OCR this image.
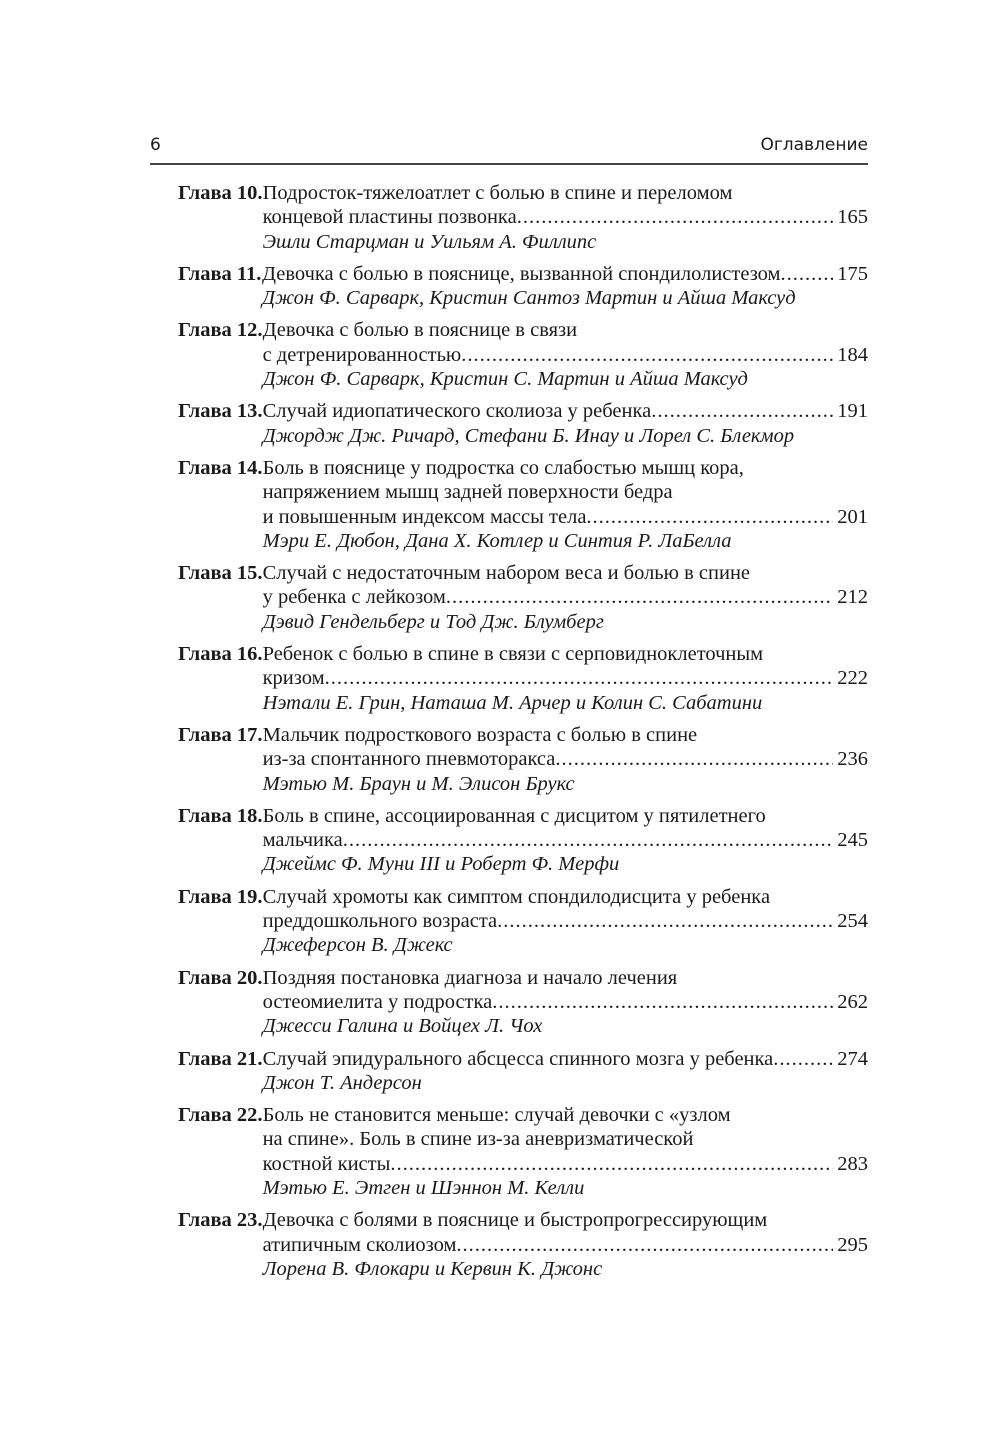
6	Оглавление
Глава 10. Подросток-тяжелоатлет с болью в спине и переломом
концевой пластины позвонка .....	165
Эшли Старцман и Уильям А. Филлипс
Глава 11. Девочка с болью в пояснице, вызванной спондилолистезом .....	175
Джон Ф. Сарварк, Кристин Сантоз Мартин и Айша Максуд
Глава 12. Девочка с болью в пояснице в связи
с детренированностью .....	184
Джон Ф. Сарварк, Кристин С. Мартин и Айша Максуд
Глава 13. Случай идиопатического сколиоза у ребенка .....	191
Джордж Дж. Ричард, Стефани Б. Инау и Лорел С. Блекмор
Глава 14. Боль в пояснице у подростка со слабостью мышц кора,
напряжением мышц задней поверхности бедра
и повышенным индексом массы тела .....	201
Мэри Е. Дюбон, Дана Х. Котлер и Синтия Р. ЛаБелла
Глава 15. Случай с недостаточным набором веса и болью в спине
у ребенка с лейкозом .....	212
Дэвид Гендельберг и Тод Дж. Блумберг
Глава 16. Ребенок с болью в спине в связи с серповидноклеточным
кризом .....	222
Нэтали Е. Грин, Наташа М. Арчер и Колин С. Сабатини
Глава 17. Мальчик подросткового возраста с болью в спине
из-за спонтанного пневмоторакса .....	236
Мэтью М. Браун и М. Элисон Брукс
Глава 18. Боль в спине, ассоциированная с дисцитом у пятилетнего
мальчика .....	245
Джеймс Ф. Муни III и Роберт Ф. Мерфи
Глава 19. Случай хромоты как симптом спондилодисцита у ребенка
преддошкольного возраста .....	254
Джеферсон В. Джекс
Глава 20. Поздняя постановка диагноза и начало лечения
остеомиелита у подростка .....	262
Джесси Галина и Войцех Л. Чох
Глава 21. Случай эпидурального абсцесса спинного мозга у ребенка .....	274
Джон Т. Андерсон
Глава 22. Боль не становится меньше: случай девочки с «узлом
на спине». Боль в спине из-за аневризматической
костной кисты .....	283
Мэтью Е. Этген и Шэннон М. Келли
Глава 23. Девочка с болями в пояснице и быстропрогрессирующим
атипичным сколиозом .....	295
Лорена В. Флокари и Кервин К. Джонс
